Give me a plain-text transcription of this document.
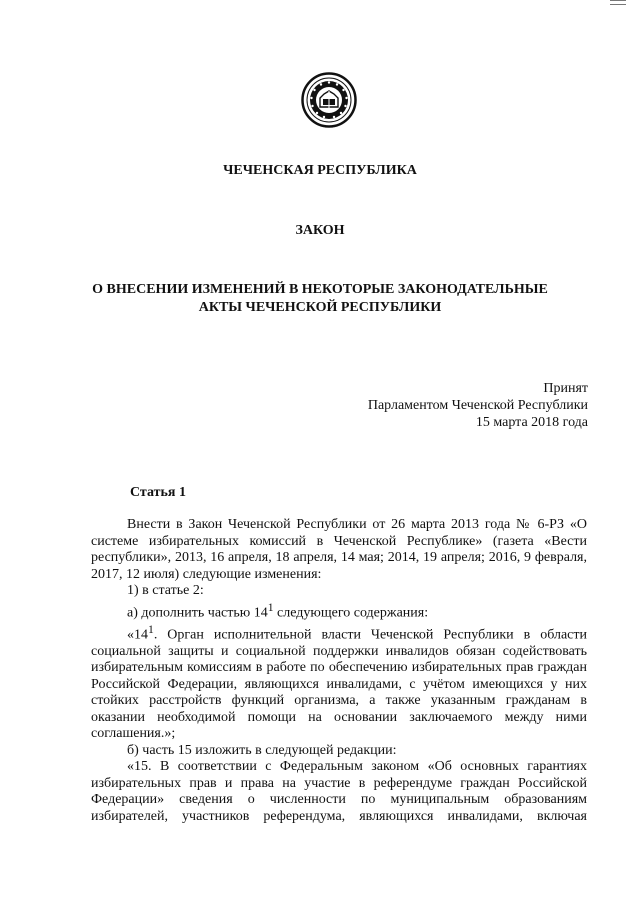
ЧЕЧЕНСКАЯ РЕСПУБЛИКА

ЗАКОН

О ВНЕСЕНИИ ИЗМЕНЕНИЙ В НЕКОТОРЫЕ ЗАКОНОДАТЕЛЬНЫЕ

АКТЫ ЧЕЧЕНСКОЙ РЕСПУБЛИКИ

Принят
Парламентом Чеченской Республики
15 марта 2018 года
Статья 1

Внести в Закон Чеченской Республики от 26 марта 2013 года № 6-РЗ «О системе избирательных комиссий в Чеченской Республике» (газета «Вести республики», 2013, 16 апреля, 18 апреля, 14 мая; 2014, 19 апреля; 2016, 9 февраля, 2017, 12 июля) следующие изменения:

1) в статье 2:

а) дополнить частью $14^1$ следующего содержания:

«$14^1$. Орган исполнительной власти Чеченской Республики в области социальной защиты и социальной поддержки инвалидов обязан содействовать избирательным комиссиям в работе по обеспечению избирательных прав граждан Российской Федерации, являющихся инвалидами, с учётом имеющихся у них стойких расстройств функций организма, а также указанным гражданам в оказании необходимой помощи на основании заключаемого между ними соглашения.»;

б) часть 15 изложить в следующей редакции:

«15. В соответствии с Федеральным законом «Об основных гарантиях избирательных прав и права на участие в референдуме граждан Российской Федерации» сведения о численности по муниципальным образованиям избирателей, участников референдума, являющихся инвалидами, включая
